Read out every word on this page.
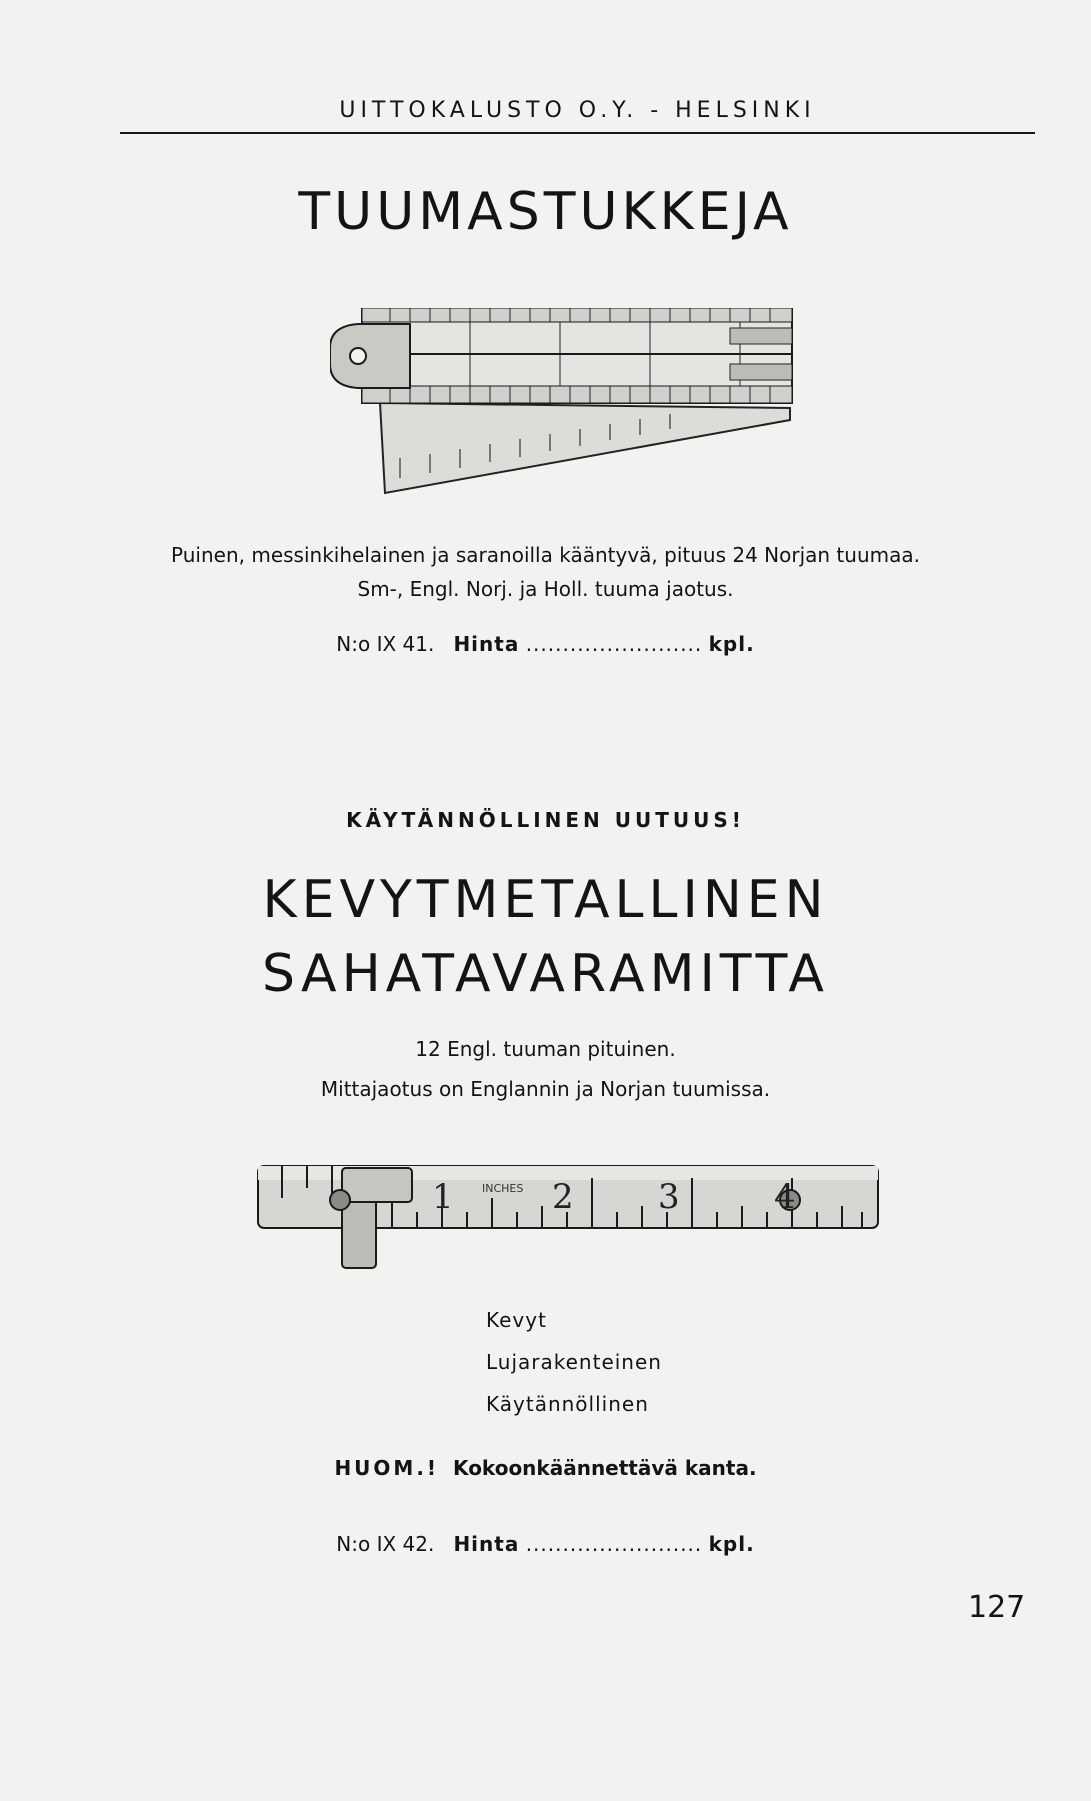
UITTOKALUSTO O.Y. - HELSINKI
TUUMASTUKKEJA
Puinen, messinkihelainen ja saranoilla kääntyvä, pituus 24 Norjan tuumaa.
Sm-, Engl. Norj. ja Holl. tuuma jaotus.
N:o IX 41. Hinta ........................ kpl.
KÄYTÄNNÖLLINEN UUTUUS!
KEVYTMETALLINEN
SAHATAVARAMITTA
12 Engl. tuuman pituinen.
Mittajaotus on Englannin ja Norjan tuumissa.
INCHES
1	2 3	4
Kevyt
Lujarakenteinen
Käytännöllinen
HUOM.! Kokoonkäännettävä kanta.
N:o IX 42. Hinta ........................ kpl.
127
